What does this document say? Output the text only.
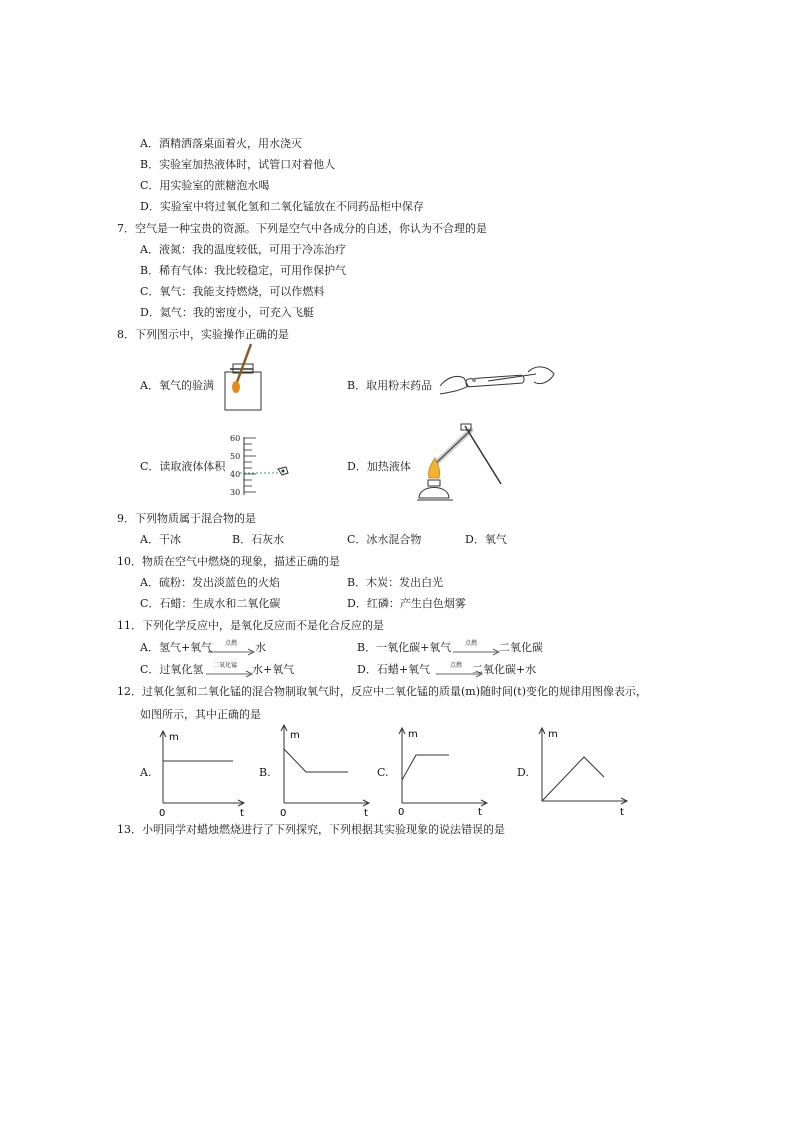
A．酒精洒落桌面着火，用水浇灭
B．实验室加热液体时，试管口对着他人
C．用实验室的蔗糖泡水喝
D．实验室中将过氧化氢和二氧化锰放在不同药品柜中保存
7．空气是一种宝贵的资源。下列是空气中各成分的自述，你认为不合理的是
A．液氮：我的温度较低，可用于冷冻治疗
B．稀有气体：我比较稳定，可用作保护气
C．氧气：我能支持燃烧，可以作燃料
D．氦气：我的密度小，可充入飞艇
8．下列图示中，实验操作正确的是
A．氧气的验满	B．取用粉末药品
C．读取液体体积	D．加热液体
60
50
40
30
9．下列物质属于混合物的是
A．干冰	B．石灰水	C．冰水混合物	D．氧气
10．物质在空气中燃烧的现象，描述正确的是
A．硫粉：发出淡蓝色的火焰	B．木炭：发出白光
C．石蜡：生成水和二氧化碳	D．红磷：产生白色烟雾
11．下列化学反应中，是氧化反应而不是化合反应的是
A．氢气+氧气 点燃 水	B．一氧化碳+氧气 点燃 二氧化碳
C．过氧化氢 二氧化锰 水+氧气	D．石蜡+氧气	点燃 二氧化碳+水
12．过氧化氢和二氧化锰的混合物制取氧气时，反应中二氧化锰的质量(m)随时间(t)变化的规律用图像表示，
如图所示，其中正确的是
A.	B.	C.	D.
m
t
0
m
t
0
m
t
0
m
t
13．小明同学对蜡烛燃烧进行了下列探究，下列根据其实验现象的说法错误的是
